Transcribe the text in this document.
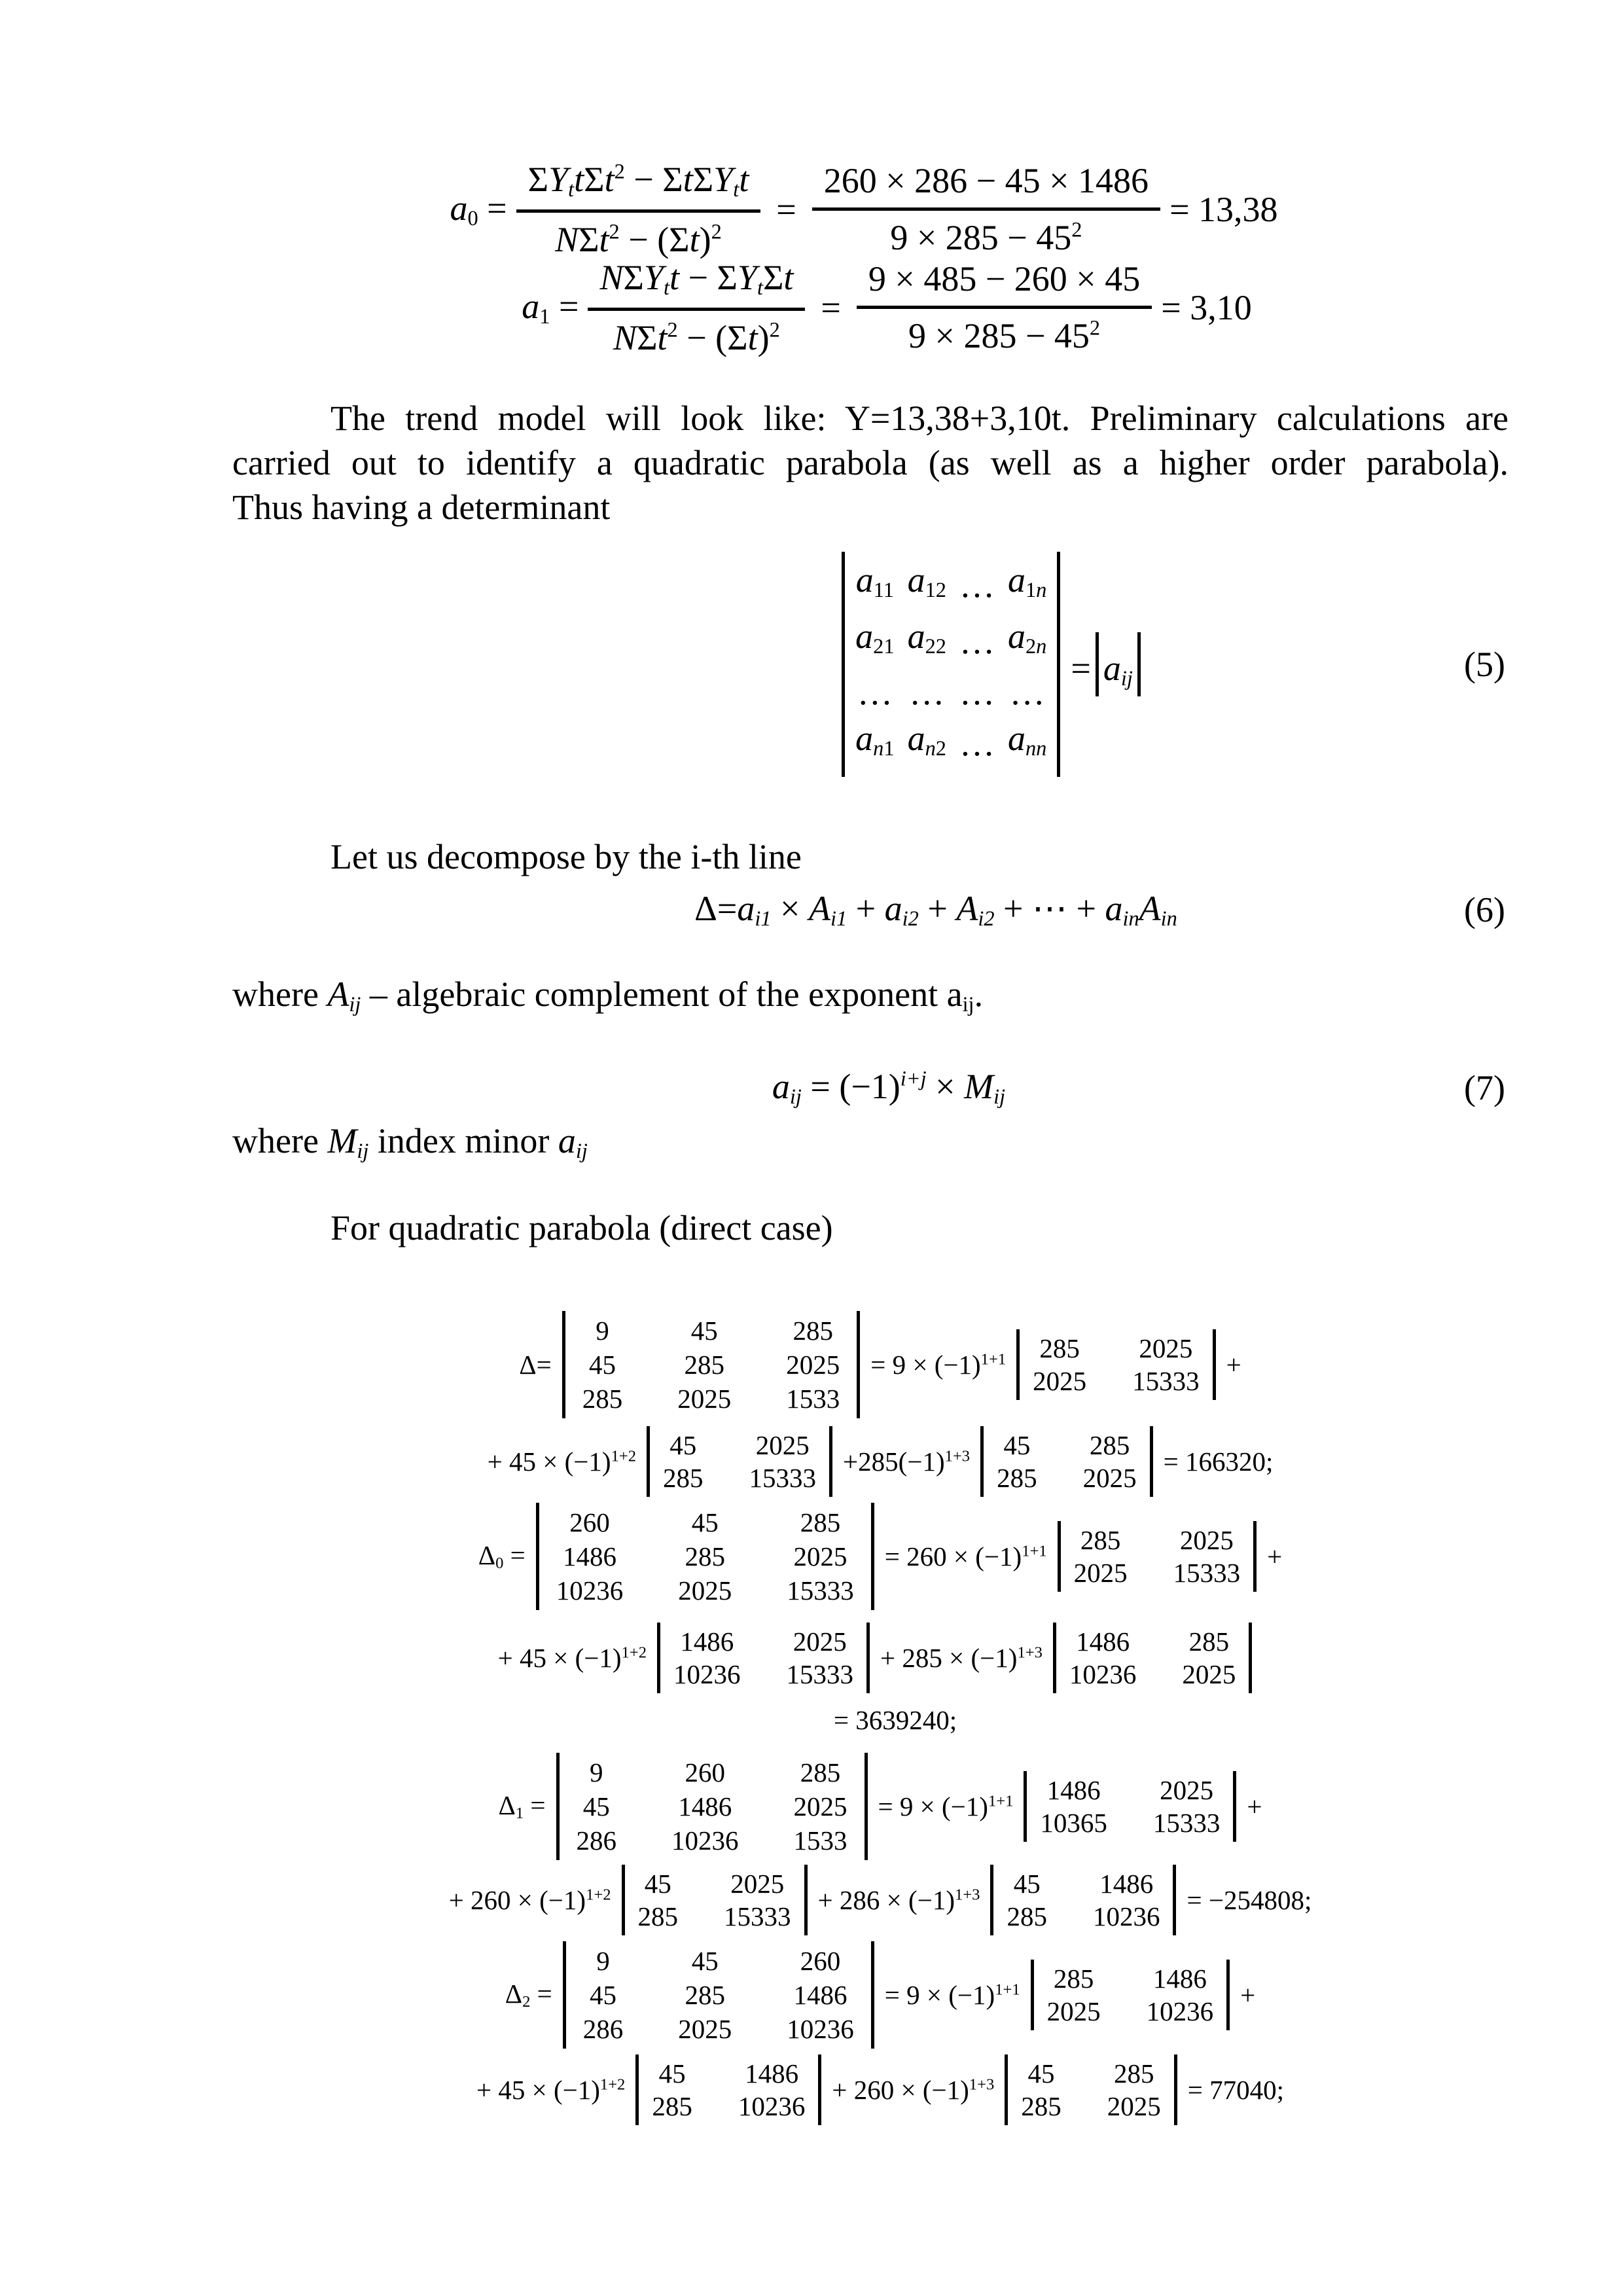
$a0 = \frac{\Sigma Ytt\Sigma t^2 - \Sigma t\Sigma Ytt}{N\Sigma t^2 - (\Sigma t)^2} = \frac{260 \times 286 - 45 \times 1486}{9 \times 285 - 45^2} = 13,38$
$a1 = \frac{\text{NΣYtt − ΣYtΣt}}{N\Sigma t^2 - (\Sigma t)^2} = \frac{9 \times 485 - 260 \times 45}{9 \times 285 - 45^2} = 3,10$
The trend model will look like: Y=13,38+3,10t. Preliminary calculations are
carried out to identify a quadratic parabola (as well as a higher order parabola).
Thus having a determinant
a11 a12 … a1n
a21 a22 … a2n
… … … …
an1 an2 … ann
= aij	(5)
Let us decompose by the i-th line
Δ=ai1 × Ai1 + ai2 + Ai2 + ⋯ + ainAin	(6)
where Aij – algebraic complement of the exponent aij.
aij = $(-1)^{i+j}$ × Mij	(7)
where Mij index minor aij
For quadratic parabola (direct case)
Δ=
9	45	285
45	285 2025
285 2025 1533
= $9 \times (-1)^{1+1}$ 285 2025
2025 15333
+
+ $45 \times (-1)^{1+2}$ 45 2025
285 15333
$+285(-1)^{1+3}$ 45 285
285 2025
= 166320;
Δ0 =
260	45	285
1486	285	2025
10236 2025 15333
= $260 \times (-1)^{1+1}$ 285 2025
2025 15333
+
+ $45 \times (-1)^{1+2}$ 1486 2025
10236 15333
+ $285 \times (-1)^{1+3}$ 1486 285
10236 2025
= 3639240;
Δ1 =
9	260	285
45	1486 2025
286 10236 1533
= $9 \times (-1)^{1+1}$ 1486 2025
10365 15333
+
+ $260 \times (-1)^{1+2}$ 45 2025
285 15333
+ $286 \times (-1)^{1+3}$ 45 1486
285 10236
= −254808;
Δ2 =
9	45	260
45	285	1486
286 2025 10236
= $9 \times (-1)^{1+1}$ 285 1486
2025 10236
+
+ $45 \times (-1)^{1+2}$ 45 1486
285 10236
+ $260 \times (-1)^{1+3}$ 45 285
285 2025
= 77040;
